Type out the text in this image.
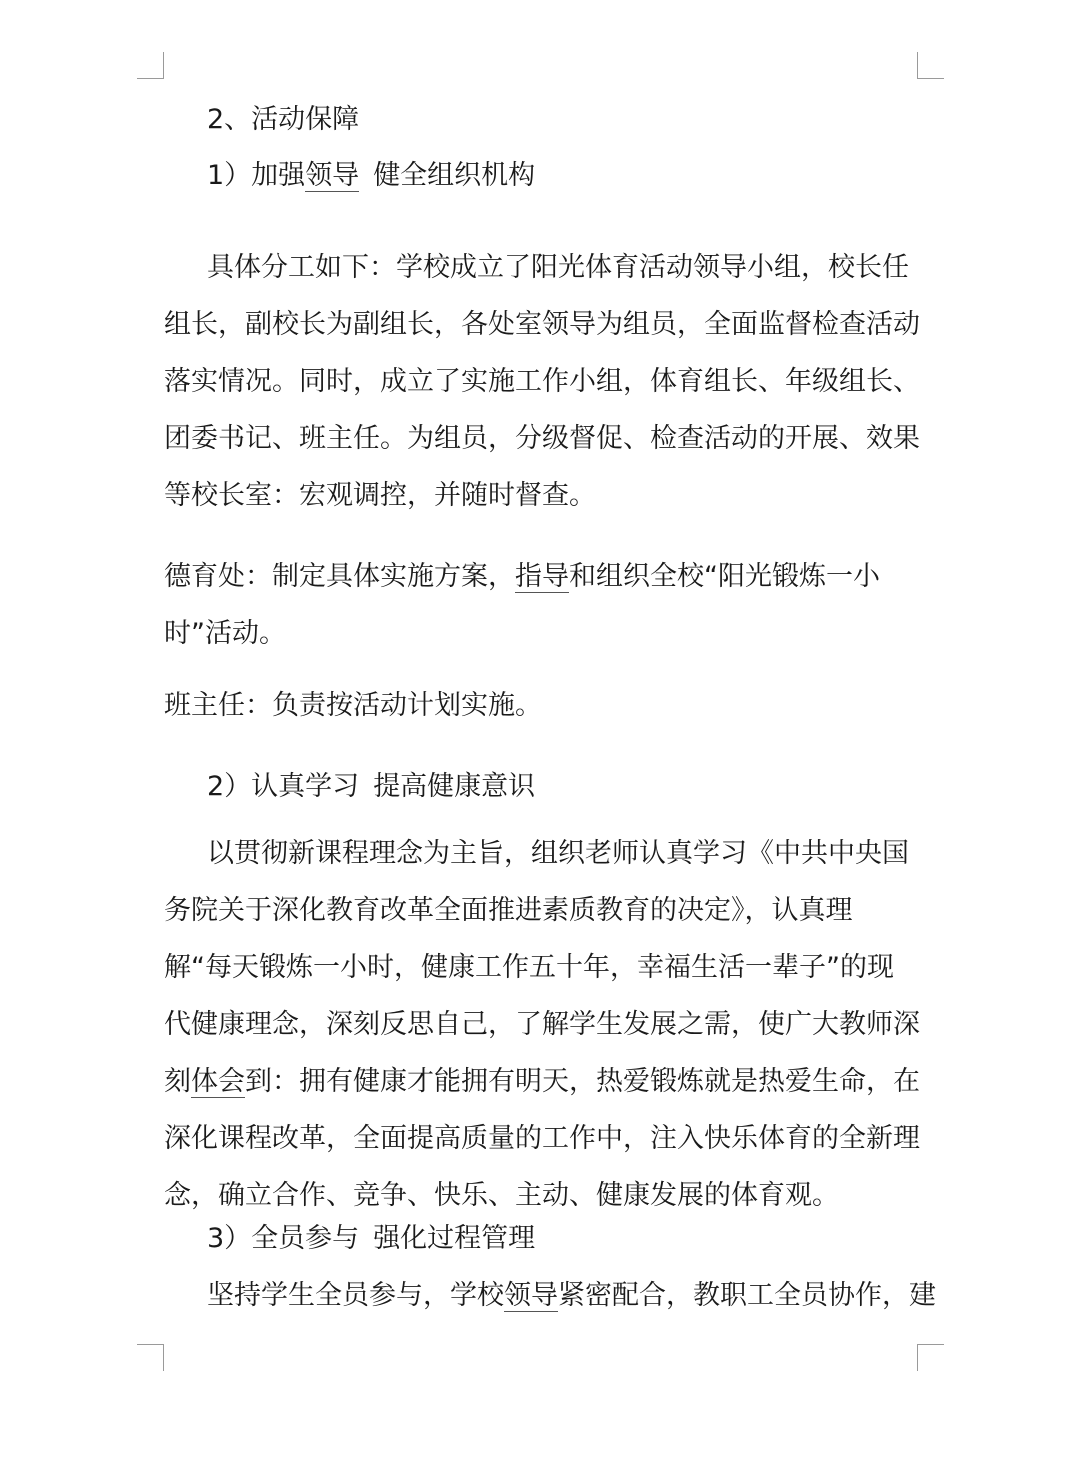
2、活动保障

1）加强领导 健全组织机构

具体分工如下：学校成立了阳光体育活动领导小组，校长任组长，副校长为副组长，各处室领导为组员，全面监督检查活动落实情况。同时，成立了实施工作小组，体育组长、年级组长、团委书记、班主任。为组员，分级督促、检查活动的开展、效果等校长室：宏观调控，并随时督查。

德育处：制定具体实施方案，指导和组织全校“阳光锻炼一小时”活动。

班主任：负责按活动计划实施。

2）认真学习 提高健康意识

以贯彻新课程理念为主旨，组织老师认真学习《中共中央国务院关于深化教育改革全面推进素质教育的决定》，认真理解“每天锻炼一小时，健康工作五十年，幸福生活一辈子”的现代健康理念，深刻反思自己，了解学生发展之需，使广大教师深刻体会到：拥有健康才能拥有明天，热爱锻炼就是热爱生命，在深化课程改革，全面提高质量的工作中，注入快乐体育的全新理念，确立合作、竞争、快乐、主动、健康发展的体育观。

3）全员参与 强化过程管理

坚持学生全员参与，学校领导紧密配合，教职工全员协作，建
